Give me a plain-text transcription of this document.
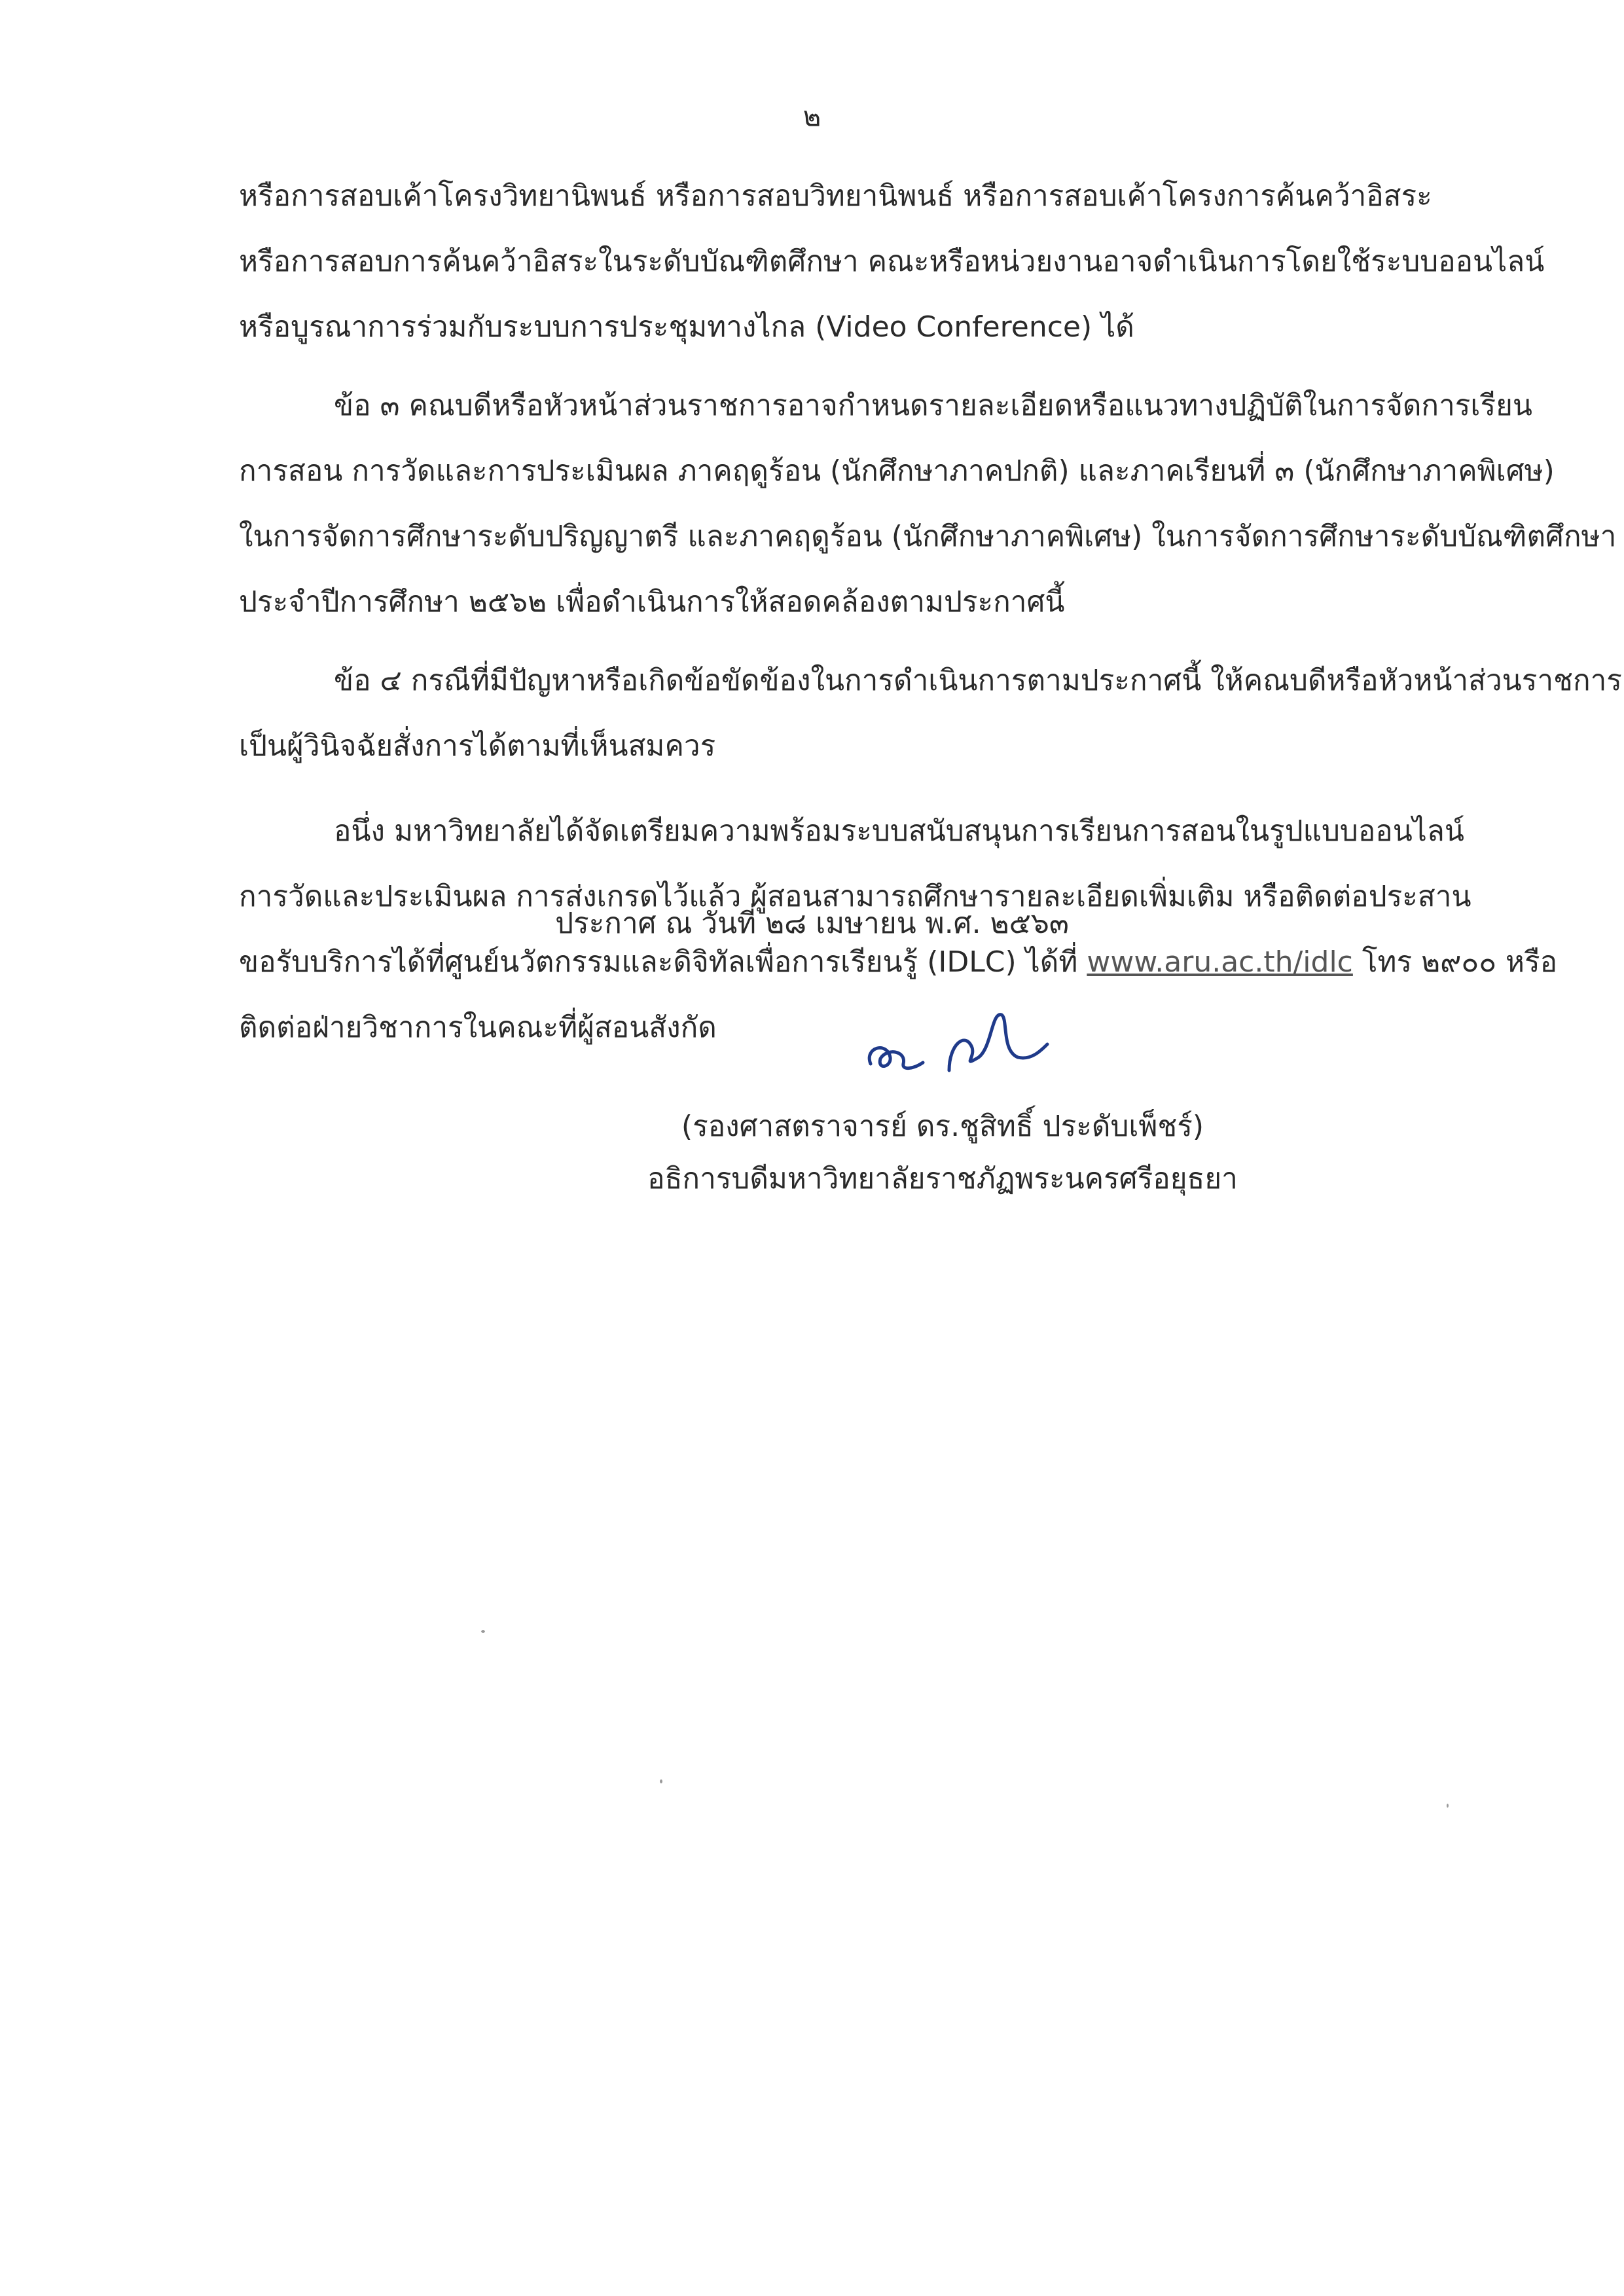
๒

หรือการสอบเค้าโครงวิทยานิพนธ์ หรือการสอบวิทยานิพนธ์ หรือการสอบเค้าโครงการค้นคว้าอิสระ
หรือการสอบการค้นคว้าอิสระในระดับบัณฑิตศึกษา คณะหรือหน่วยงานอาจดำเนินการโดยใช้ระบบออนไลน์
หรือบูรณาการร่วมกับระบบการประชุมทางไกล (Video Conference) ได้

ข้อ ๓ คณบดีหรือหัวหน้าส่วนราชการอาจกำหนดรายละเอียดหรือแนวทางปฏิบัติในการจัดการเรียน
การสอน การวัดและการประเมินผล ภาคฤดูร้อน (นักศึกษาภาคปกติ) และภาคเรียนที่ ๓ (นักศึกษาภาคพิเศษ)
ในการจัดการศึกษาระดับปริญญาตรี และภาคฤดูร้อน (นักศึกษาภาคพิเศษ) ในการจัดการศึกษาระดับบัณฑิตศึกษา
ประจำปีการศึกษา ๒๕๖๒ เพื่อดำเนินการให้สอดคล้องตามประกาศนี้

ข้อ ๔ กรณีที่มีปัญหาหรือเกิดข้อขัดข้องในการดำเนินการตามประกาศนี้ ให้คณบดีหรือหัวหน้าส่วนราชการ
เป็นผู้วินิจฉัยสั่งการได้ตามที่เห็นสมควร

อนึ่ง มหาวิทยาลัยได้จัดเตรียมความพร้อมระบบสนับสนุนการเรียนการสอนในรูปแบบออนไลน์
การวัดและประเมินผล การส่งเกรดไว้แล้ว ผู้สอนสามารถศึกษารายละเอียดเพิ่มเติม หรือติดต่อประสาน
ขอรับบริการได้ที่ศูนย์นวัตกรรมและดิจิทัลเพื่อการเรียนรู้ (IDLC) ได้ที่ www.aru.ac.th/idlc โทร ๒๙๐๐ หรือ
ติดต่อฝ่ายวิชาการในคณะที่ผู้สอนสังกัด

ประกาศ ณ วันที่ ๒๘ เมษายน พ.ศ. ๒๕๖๓
(รองศาสตราจารย์ ดร.ชูสิทธิ์ ประดับเพ็ชร์)
อธิการบดีมหาวิทยาลัยราชภัฏพระนครศรีอยุธยา
